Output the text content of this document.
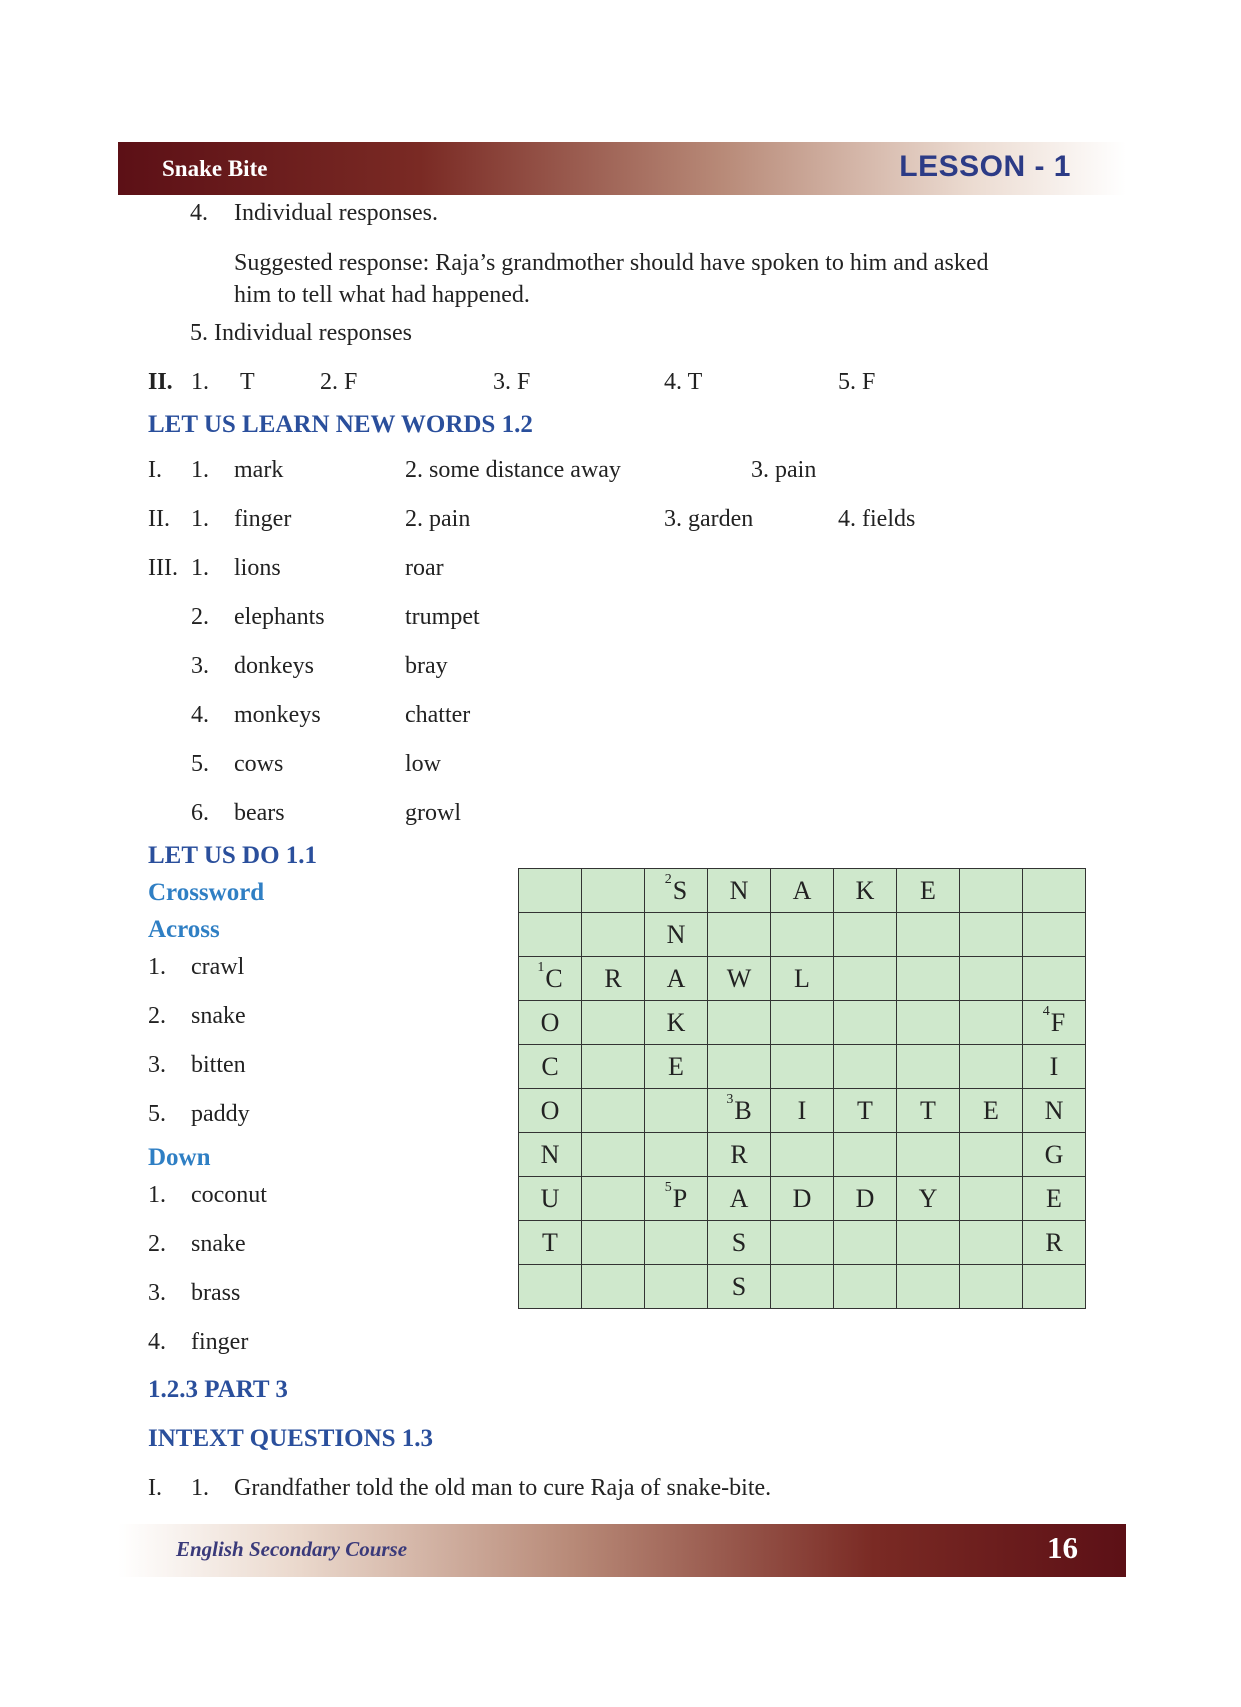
Snake Bite	LESSON - 1
4. Individual responses.
Suggested response: Raja’s grandmother should have spoken to him and asked
him to tell what had happened.
5. Individual responses
II. 1. T	2. F	3. F	4. T	5. F
LET US LEARN NEW WORDS 1.2
I. 1. mark	2. some distance away	3. pain
II. 1. finger	2. pain	3. garden	4. fields
III. 1. lions	roar
2. elephants	trumpet
3. donkeys	bray
4. monkeys	chatter
5. cows	low
6. bears	growl
LET US DO 1.1
Crossword
Across
1. crawl
2. snake
3. bitten
5. paddy
Down
1. coconut
2. snake
3. brass
4. finger
		$^2$S	N	A	K	E		
		N						
$^1$C	R	A	W	L				
O		K						$^4$F
C		E						I
O			$^3$B	I	T	T	E	N
N			R					G
U		$^5$P	A	D	D	Y		E
T			S					R
			S					
1.2.3 PART 3
INTEXT QUESTIONS 1.3
I. 1. Grandfather told the old man to cure Raja of snake-bite.
English Secondary Course	16
